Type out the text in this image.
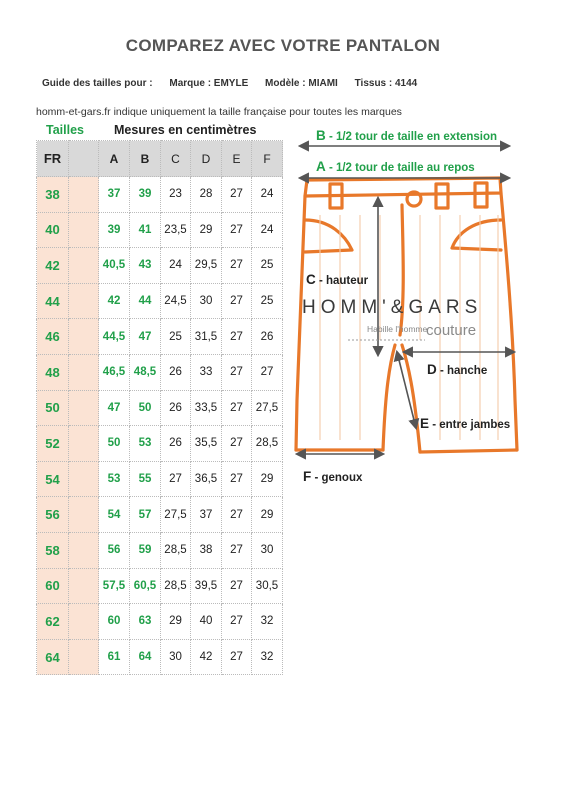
COMPAREZ AVEC VOTRE PANTALON
Guide des tailles pour : Marque : EMYLE Modèle : MIAMI Tissus : 4144
homm-et-gars.fr indique uniquement la taille française pour toutes les marques
Tailles Mesures en centimètres
FR		A	B	C	D	E	F
38		37	39	23	28	27	24
40		39	41	23,5	29	27	24
42		40,5	43	24	29,5	27	25
44		42	44	24,5	30	27	25
46		44,5	47	25	31,5	27	26
48		46,5	48,5	26	33	27	27
50		47	50	26	33,5	27	27,5
52		50	53	26	35,5	27	28,5
54		53	55	27	36,5	27	29
56		54	57	27,5	37	27	29
58		56	59	28,5	38	27	30
60		57,5	60,5	28,5	39,5	27	30,5
62		60	63	29	40	27	32
64		61	64	30	42	27	32
B - 1/2 tour de taille en extension
A - 1/2 tour de taille au repos
C - hauteur
D - hanche
E - entre jambes
F - genoux
HOMM'&GARS
Habille l'homme
couture
